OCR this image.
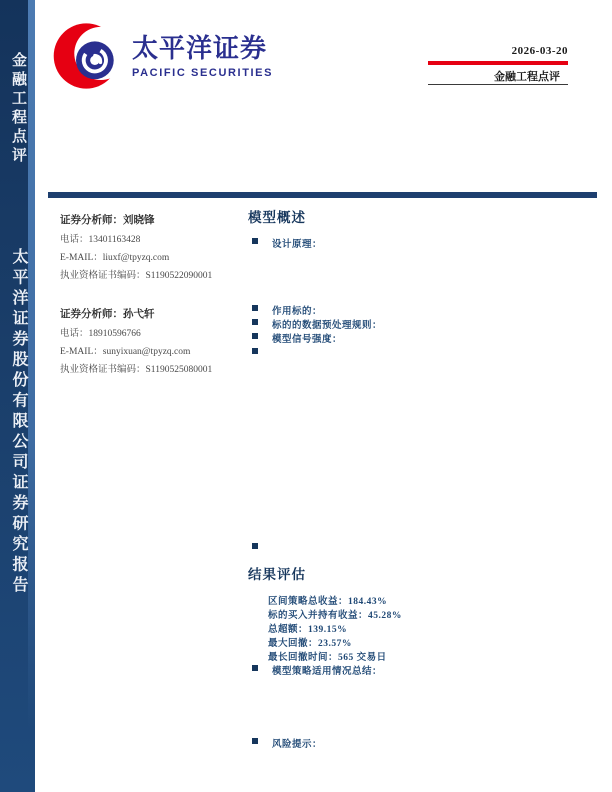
金融工程点评
太平洋证券股份有限公司证券研究报告
太平洋证券
PACIFIC SECURITIES
2026-03-20
金融工程点评
证券分析师：刘晓锋
电话：13401163428
E-MAIL：liuxf@tpyzq.com
执业资格证书编码：S1190522090001
证券分析师：孙弋轩
电话：18910596766
E-MAIL：sunyixuan@tpyzq.com
执业资格证书编码：S1190525080001
模型概述
设计原理：
作用标的：
标的的数据预处理规则：
模型信号强度：
结果评估
区间策略总收益：184.43%
标的买入并持有收益：45.28%
总超额：139.15%
最大回撤：23.57%
最长回撤时间：565 交易日
模型策略适用情况总结：
风险提示：
